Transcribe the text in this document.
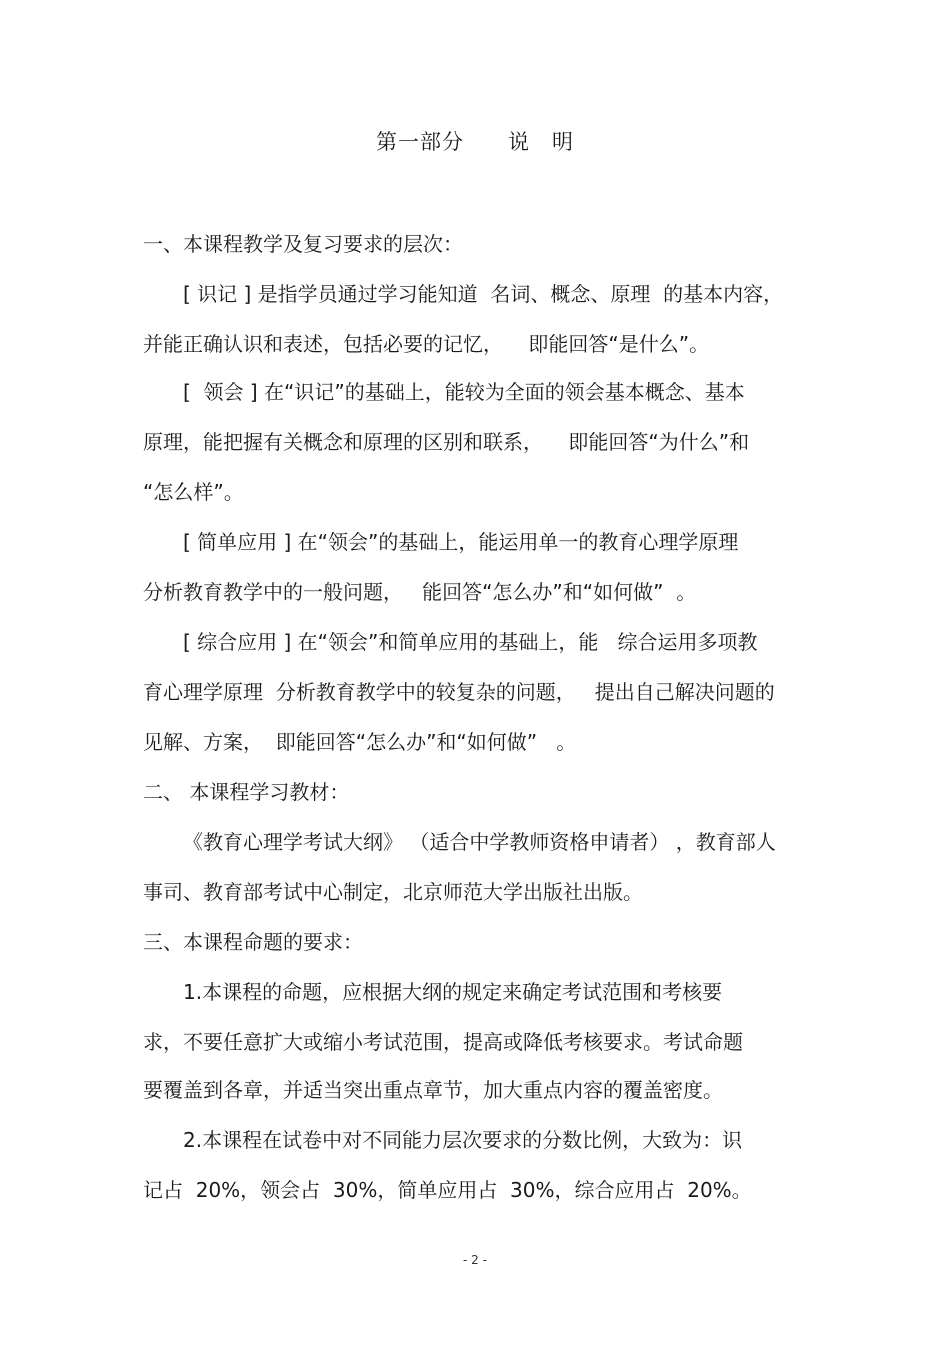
第一部分　　说　明
一、本课程教学及复习要求的层次：
[ 识记 ] 是指学员通过学习能知道  名词、概念、原理  的基本内容，
并能正确认识和表述，包括必要的记忆，    即能回答“是什么”。
[  领会 ] 在“识记”的基础上，能较为全面的领会基本概念、基本
原理，能把握有关概念和原理的区别和联系，    即能回答“为什么”和
“怎么样”。
[ 简单应用 ] 在“领会”的基础上，能运用单一的教育心理学原理
分析教育教学中的一般问题，   能回答“怎么办”和“如何做”  。
[ 综合应用 ] 在“领会”和简单应用的基础上，能   综合运用多项教
育心理学原理  分析教育教学中的较复杂的问题，   提出自己解决问题的
见解、方案，  即能回答“怎么办”和“如何做”   。
二、 本课程学习教材：
《教育心理学考试大纲》 （适合中学教师资格申请者） ，教育部人
事司、教育部考试中心制定，北京师范大学出版社出版。
三、本课程命题的要求：
1.本课程的命题，应根据大纲的规定来确定考试范围和考核要
求，不要任意扩大或缩小考试范围，提高或降低考核要求。考试命题
要覆盖到各章，并适当突出重点章节，加大重点内容的覆盖密度。
2.本课程在试卷中对不同能力层次要求的分数比例，大致为：识
记占  20%，领会占  30%，简单应用占  30%，综合应用占  20%。
- 2 -
